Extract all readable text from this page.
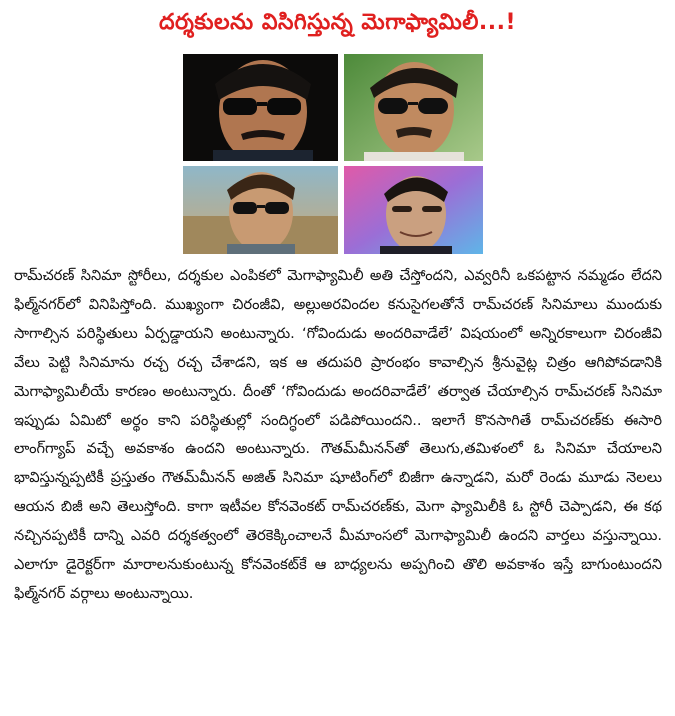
దర్శకులను విసిగిస్తున్న మెగాఫ్యామిలీ...!

రామ్‌చరణ్ సినిమా స్టోరీలు, దర్శకుల ఎంపికలో మెగాఫ్యామిలీ అతి చేస్తోందని, ఎవ్వరినీ ఒకపట్టాన నమ్మడం లేదని ఫిల్మ్‌నగర్‌లో వినిపిస్తోంది. ముఖ్యంగా చిరంజీవి, అల్లుఅరవిందల కనుసైగలతోనే రామ్‌చరణ్ సినిమాలు ముందుకు సాగాల్సిన పరిస్థితులు ఏర్పడ్డాయని అంటున్నారు. ‘గోవిందుడు అందరివాడేలే’ విషయంలో అన్నిరకాలుగా చిరంజీవి వేలు పెట్టి సినిమాను రచ్చ రచ్చ చేశాడని, ఇక ఆ తదుపరి ప్రారంభం కావాల్సిన శ్రీనువైట్ల చిత్రం ఆగిపోవడానికి మెగాఫ్యామిలీయే కారణం అంటున్నారు. దీంతో ‘గోవిందుడు అందరివాడేలే’ తర్వాత చేయాల్సిన రామ్‌చరణ్ సినిమా ఇప్పుడు ఏమిటో అర్థం కాని పరిస్థితుల్లో సందిగ్ధంలో పడిపోయిందని.. ఇలాగే కొనసాగితే రామ్‌చరణ్‌కు ఈసారి లాంగ్‌గ్యాప్ వచ్చే అవకాశం ఉందని అంటున్నారు. గౌతమ్‌మీనన్‌తో తెలుగు,తమిళంలో ఓ సినిమా చేయాలని భావిస్తున్నప్పటికీ ప్రస్తుతం గౌతమ్‌మీనన్ అజిత్ సినిమా షూటింగ్‌లో బిజీగా ఉన్నాడని, మరో రెండు మూడు నెలలు ఆయన బిజీ అని తెలుస్తోంది. కాగా ఇటీవల కోనవెంకట్ రామ్‌చరణ్‌కు, మెగా ఫ్యామిలీకి ఓ స్టోరీ చెప్పాడని, ఈ కథ నచ్చినప్పటికీ దాన్ని ఎవరి దర్శకత్వంలో తెరకెక్కించాలనే మీమాంసలో మెగాఫ్యామిలీ ఉందని వార్తలు వస్తున్నాయి. ఎలాగూ డైరెక్టర్‌గా మారాలనుకుంటున్న కోనవెంకట్‌కే ఆ బాధ్యలను అప్పగించి తొలి అవకాశం ఇస్తే బాగుంటుందని ఫిల్మ్‌నగర్ వర్గాలు అంటున్నాయి.
